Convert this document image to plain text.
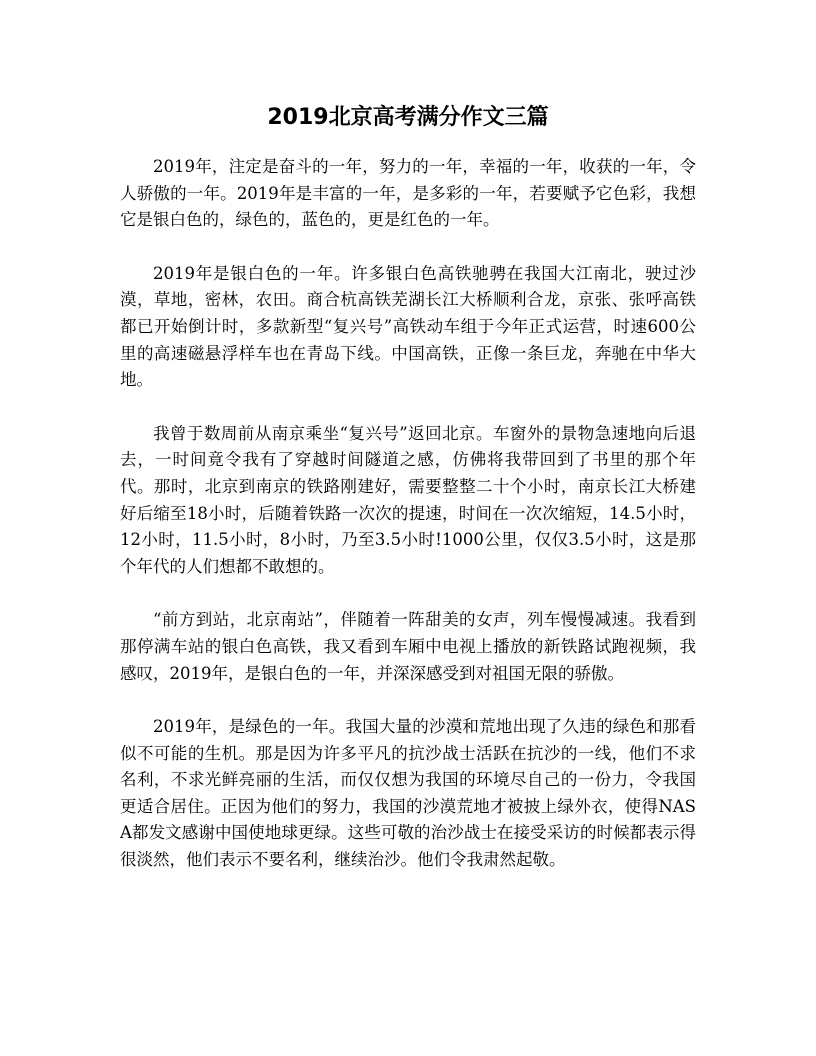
2019北京高考满分作文三篇

2019年，注定是奋斗的一年，努力的一年，幸福的一年，收获的一年，令人骄傲的一年。2019年是丰富的一年，是多彩的一年，若要赋予它色彩，我想它是银白色的，绿色的，蓝色的，更是红色的一年。

2019年是银白色的一年。许多银白色高铁驰骋在我国大江南北，驶过沙漠，草地，密林，农田。商合杭高铁芜湖长江大桥顺利合龙，京张、张呼高铁都已开始倒计时，多款新型“复兴号”高铁动车组于今年正式运营，时速600公里的高速磁悬浮样车也在青岛下线。中国高铁，正像一条巨龙，奔驰在中华大地。

我曾于数周前从南京乘坐“复兴号”返回北京。车窗外的景物急速地向后退去，一时间竟令我有了穿越时间隧道之感，仿佛将我带回到了书里的那个年代。那时，北京到南京的铁路刚建好，需要整整二十个小时，南京长江大桥建好后缩至18小时，后随着铁路一次次的提速，时间在一次次缩短，14.5小时，12小时，11.5小时，8小时，乃至3.5小时!1000公里，仅仅3.5小时，这是那个年代的人们想都不敢想的。

“前方到站，北京南站”，伴随着一阵甜美的女声，列车慢慢减速。我看到那停满车站的银白色高铁，我又看到车厢中电视上播放的新铁路试跑视频，我感叹，2019年，是银白色的一年，并深深感受到对祖国无限的骄傲。

2019年，是绿色的一年。我国大量的沙漠和荒地出现了久违的绿色和那看似不可能的生机。那是因为许多平凡的抗沙战士活跃在抗沙的一线，他们不求名利，不求光鲜亮丽的生活，而仅仅想为我国的环境尽自己的一份力，令我国更适合居住。正因为他们的努力，我国的沙漠荒地才被披上绿外衣，使得NASA都发文感谢中国使地球更绿。这些可敬的治沙战士在接受采访的时候都表示得很淡然，他们表示不要名利，继续治沙。他们令我肃然起敬。
